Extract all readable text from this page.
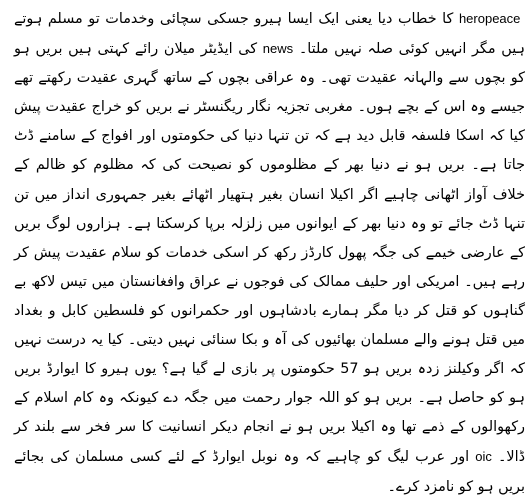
peace hero کا خطاب دیا یعنی ایک ایسا ہیرو جسکی سچائی وخدمات تو مسلم ہوتے ہیں مگر انہیں کوئی صلہ نہیں ملتا۔ news کی ایڈیٹر میلان رائے کہتی ہیں بریں ہو کو بچوں سے والہانہ عقیدت تھی۔ وہ عراقی بچوں کے ساتھ گہری عقیدت رکھتے تھے جیسے وہ اس کے بچے ہوں۔ مغربی تجزیہ نگار ریگنسٹر نے بریں کو خراج عقیدت پیش کیا کہ اسکا فلسفہ قابل دید ہے کہ تن تنہا دنیا کی حکومتوں اور افواج کے سامنے ڈٹ جاتا ہے۔ بریں ہو نے دنیا بھر کے مظلوموں کو نصیحت کی کہ مظلوم کو ظالم کے خلاف آواز اٹھانی چاہیے اگر اکیلا انسان بغیر ہتھیار اٹھائے بغیر جمہوری انداز میں تن تنہا ڈٹ جائے تو وہ دنیا بھر کے ایوانوں میں زلزلہ برپا کرسکتا ہے۔ ہزاروں لوگ بریں کے عارضی خیمے کی جگہ پھول کارڈز رکھ کر اسکی خدمات کو سلام عقیدت پیش کر رہے ہیں۔ امریکی اور حلیف ممالک کی فوجوں نے عراق وافغانستان میں تیس لاکھ بے گناہوں کو قتل کر دیا مگر ہمارے بادشاہوں اور حکمرانوں کو فلسطین کابل و بغداد میں قتل ہونے والے مسلمان بھائیوں کی آہ و بکا سنائی نہیں دیتی۔ کیا یہ درست نہیں کہ اگر وکیلنز زدہ بریں ہو 57 حکومتوں پر بازی لے گیا ہے؟ یوں ہیرو کا ایوارڈ بریں ہو کو حاصل ہے۔ بریں ہو کو اللہ جوار رحمت میں جگہ دے کیونکہ وہ کام اسلام کے رکھوالوں کے ذمے تھا وہ اکیلا بریں ہو نے انجام دیکر انسانیت کا سر فخر سے بلند کر ڈالا۔ oic اور عرب لیگ کو چاہیے کہ وہ نوبل ایوارڈ کے لئے کسی مسلمان کی بجائے بریں ہو کو نامزد کرے۔
